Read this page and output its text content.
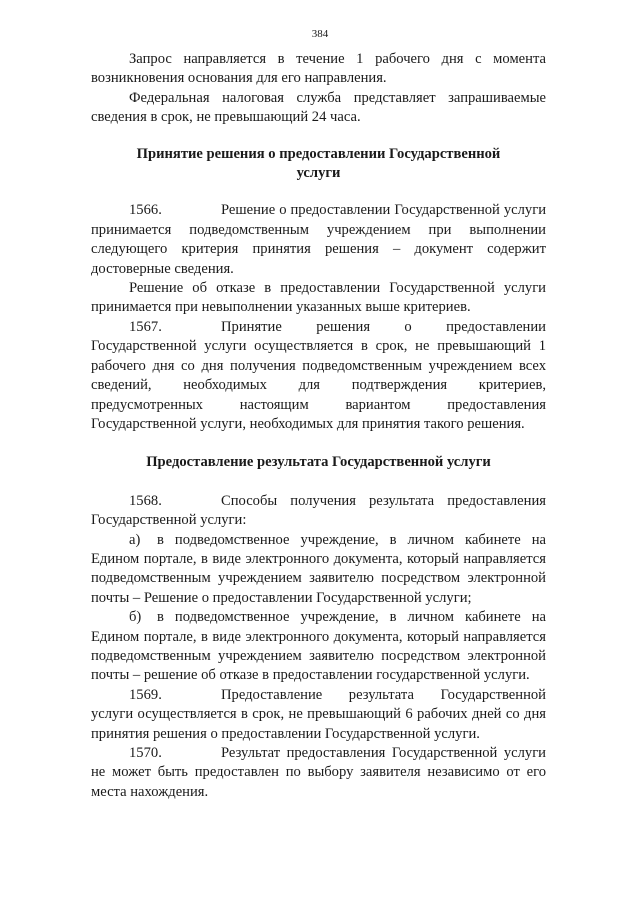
384

Запрос направляется в течение 1 рабочего дня с момента возникновения основания для его направления.

Федеральная налоговая служба представляет запрашиваемые сведения в срок, не превышающий 24 часа.

Принятие решения о предоставлении Государственной услуги

1566.	Решение о предоставлении Государственной услуги принимается подведомственным учреждением при выполнении следующего критерия принятия решения – документ содержит достоверные сведения.

Решение об отказе в предоставлении Государственной услуги принимается при невыполнении указанных выше критериев.

1567.	Принятие решения о предоставлении Государственной услуги осуществляется в срок, не превышающий 1 рабочего дня со дня получения подведомственным учреждением всех сведений, необходимых для подтверждения критериев, предусмотренных настоящим вариантом предоставления Государственной услуги, необходимых для принятия такого решения.

Предоставление результата Государственной услуги

1568.	Способы получения результата предоставления Государственной услуги:

а) в подведомственное учреждение, в личном кабинете на Едином портале, в виде электронного документа, который направляется подведомственным учреждением заявителю посредством электронной почты – Решение о предоставлении Государственной услуги;

б) в подведомственное учреждение, в личном кабинете на Едином портале, в виде электронного документа, который направляется подведомственным учреждением заявителю посредством электронной почты – решение об отказе в предоставлении государственной услуги.

1569.	Предоставление результата Государственной услуги осуществляется в срок, не превышающий 6 рабочих дней со дня принятия решения о предоставлении Государственной услуги.

1570.	Результат предоставления Государственной услуги не может быть предоставлен по выбору заявителя независимо от его места нахождения.
